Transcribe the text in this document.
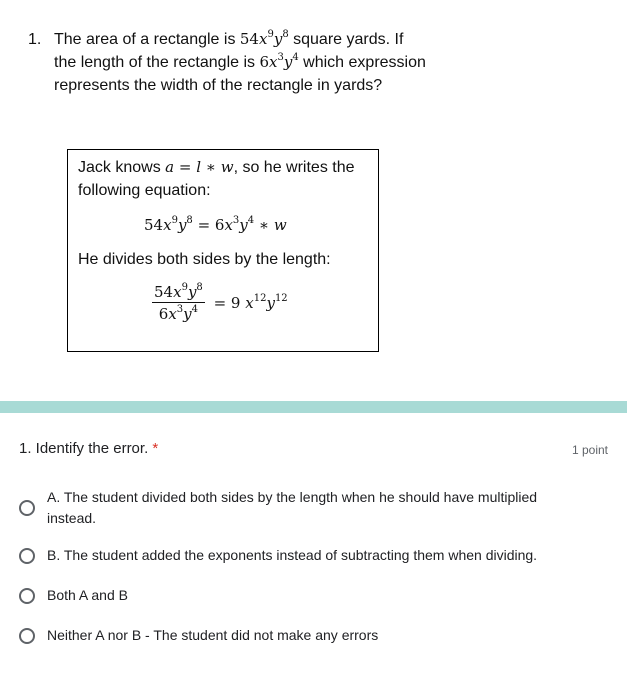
1. The area of a rectangle is $54x^9y^8$ square yards. If the length of the rectangle is $6x^3y^4$ which expression represents the width of the rectangle in yards?
Jack knows a = l ∗ w, so he writes the following equation:
$54x^9y^8 = 6x^3y^4$ ∗ w
He divides both sides by the length:
$\frac{54x^9y^8}{6x^3y^4} = 9$ $x^{12}y^{12}$
1. Identify the error. *	1 point
A. The student divided both sides by the length when he should have multiplied instead.
B. The student added the exponents instead of subtracting them when dividing.
Both A and B
Neither A nor B - The student did not make any errors
